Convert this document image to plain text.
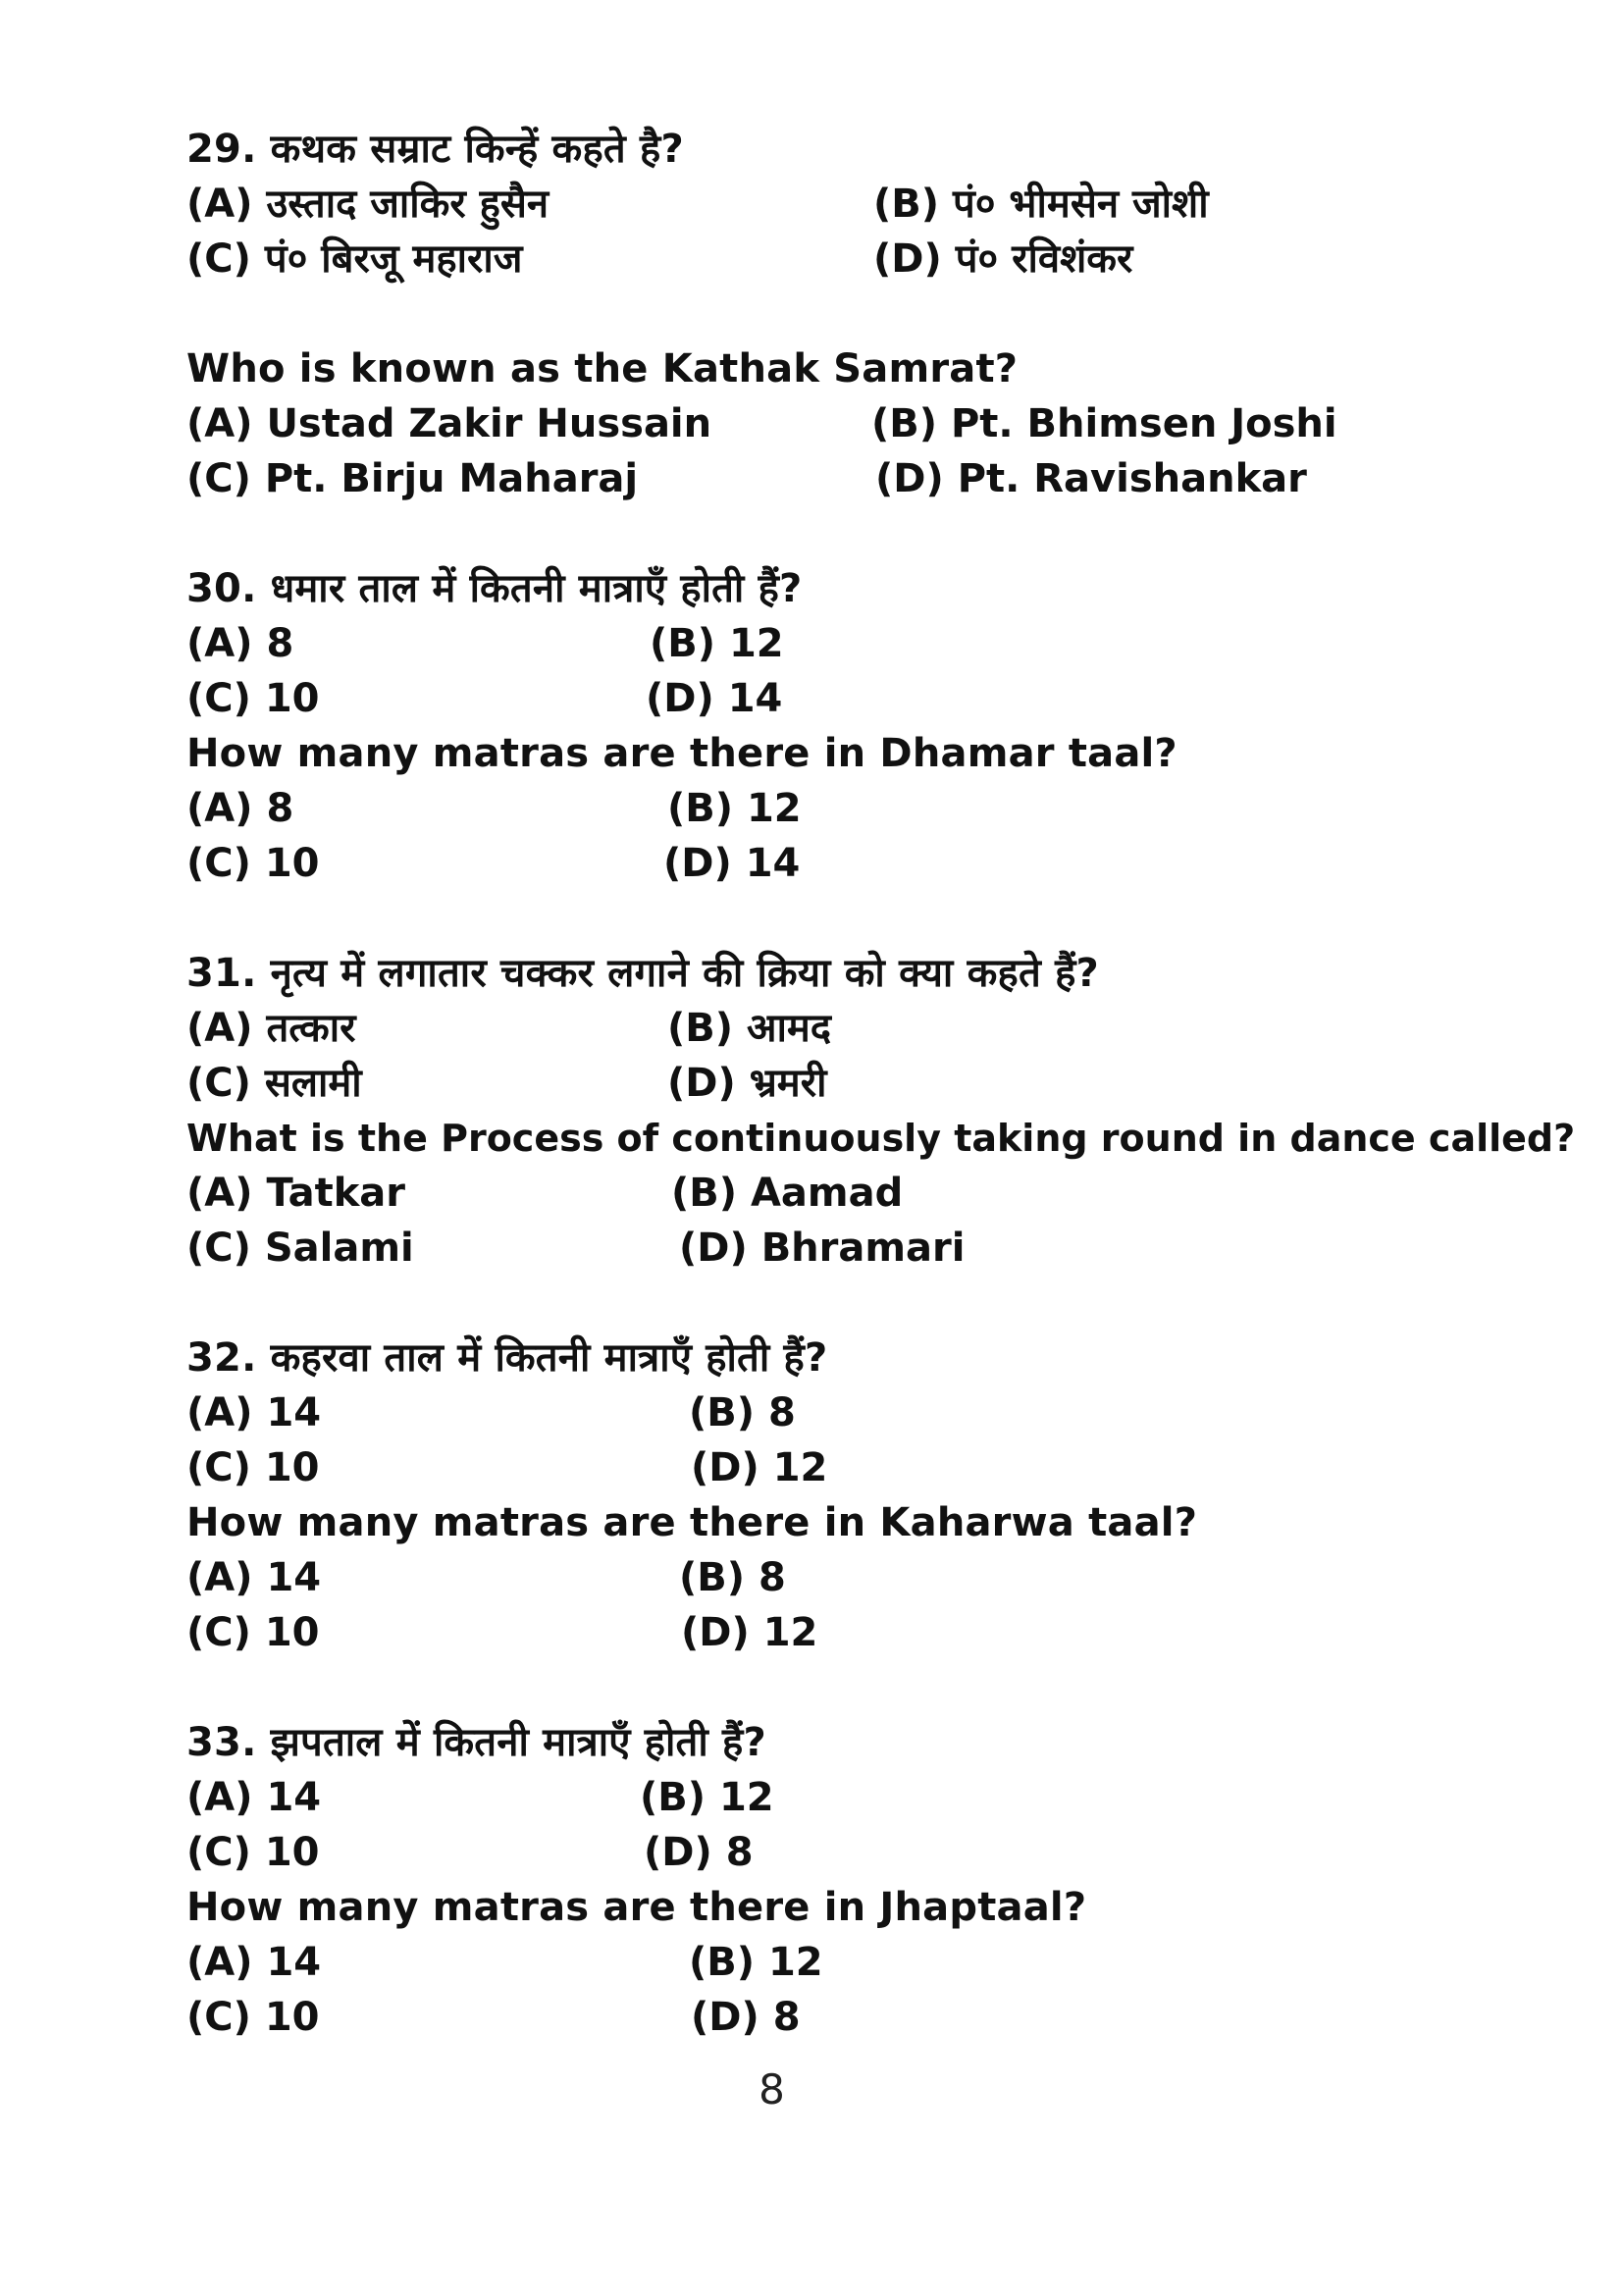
29. कथक सम्राट किन्हें कहते है?
(A) उस्ताद जाकिर हुसैन	(B) पं० भीमसेन जोशी
(C) पं० बिरजू महाराज	(D) पं० रविशंकर
Who is known as the Kathak Samrat?
(A) Ustad Zakir Hussain	(B) Pt. Bhimsen Joshi
(C) Pt. Birju Maharaj	(D) Pt. Ravishankar
30. धमार ताल में कितनी मात्राएँ होती हैं?
(A) 8	(B) 12
(C) 10	(D) 14
How many matras are there in Dhamar taal?
(A) 8	(B) 12
(C) 10	(D) 14
31. नृत्य में लगातार चक्कर लगाने की क्रिया को क्या कहते हैं?
(A) तत्कार	(B) आमद
(C) सलामी	(D) भ्रमरी
What is the Process of continuously taking round in dance called?
(A) Tatkar	(B) Aamad
(C) Salami	(D) Bhramari
32. कहरवा ताल में कितनी मात्राएँ होती हैं?
(A) 14	(B) 8
(C) 10	(D) 12
How many matras are there in Kaharwa taal?
(A) 14	(B) 8
(C) 10	(D) 12
33. झपताल में कितनी मात्राएँ होती हैं?
(A) 14	(B) 12
(C) 10	(D) 8
How many matras are there in Jhaptaal?
(A) 14	(B) 12
(C) 10	(D) 8
8
